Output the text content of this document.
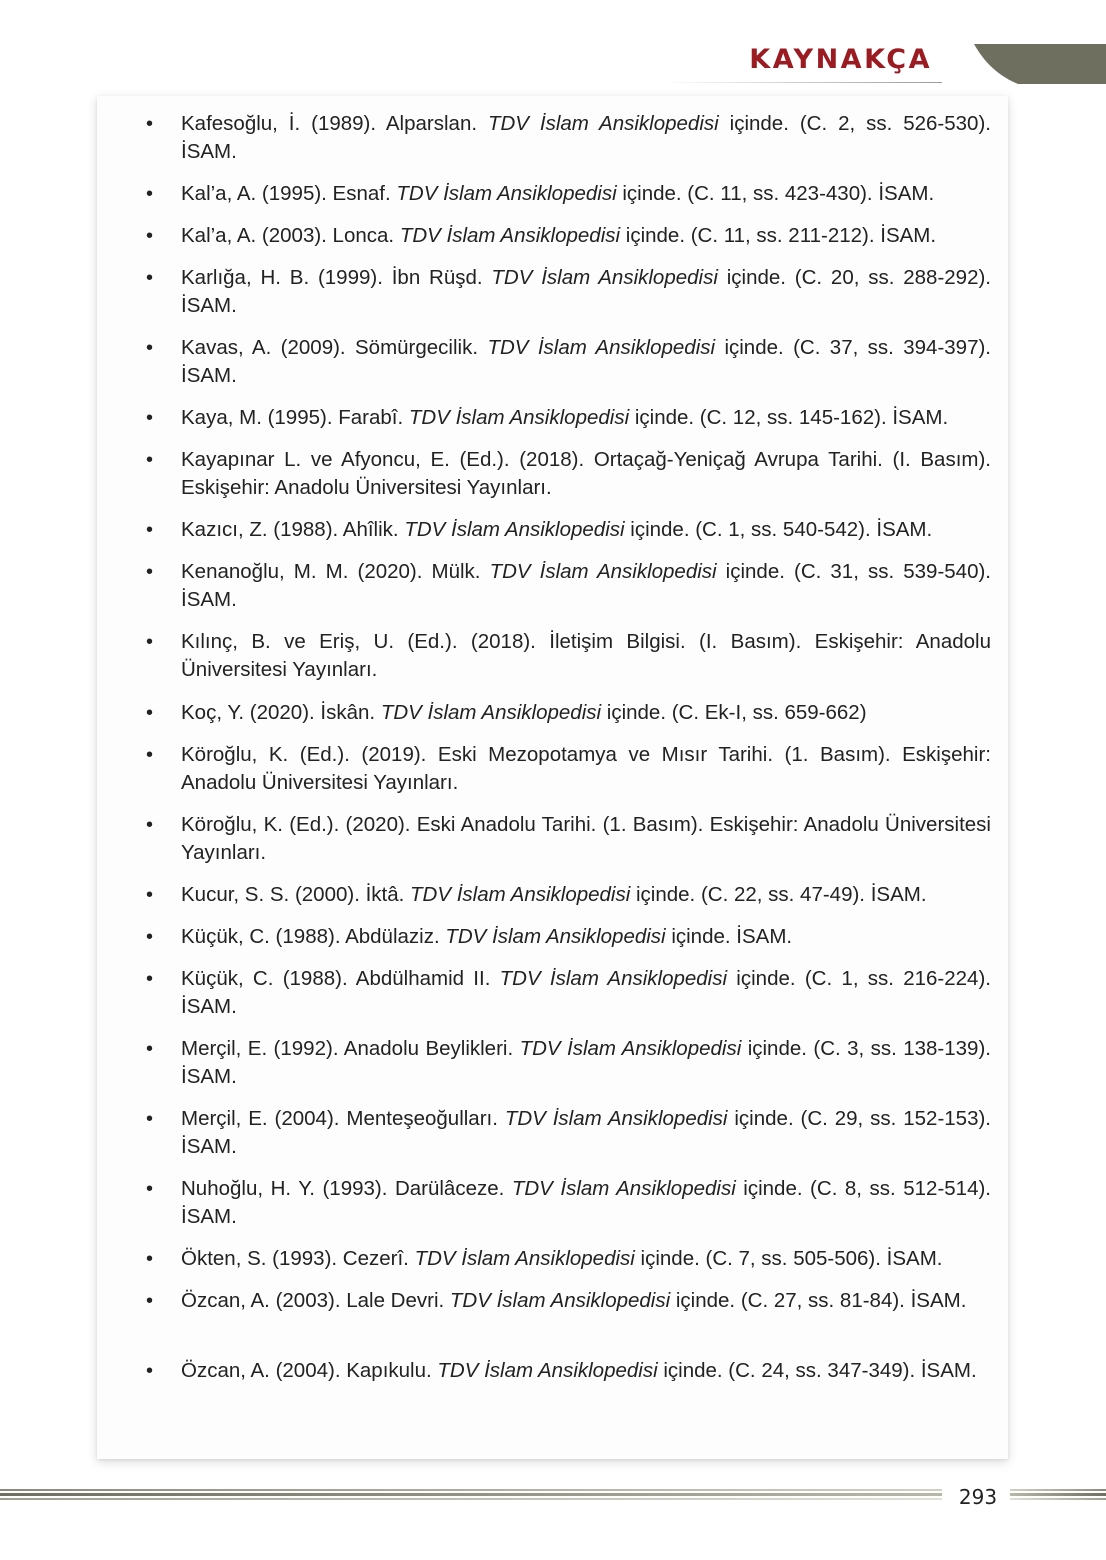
KAYNAKÇA
• Kafesoğlu, İ. (1989). Alparslan. TDV İslam Ansiklopedisi içinde. (C. 2, ss. 526-530). İSAM.
• Kal’a, A. (1995). Esnaf. TDV İslam Ansiklopedisi içinde. (C. 11, ss. 423-430). İSAM.
• Kal’a, A. (2003). Lonca. TDV İslam Ansiklopedisi içinde. (C. 11, ss. 211-212). İSAM.
• Karlığa, H. B. (1999). İbn Rüşd. TDV İslam Ansiklopedisi içinde. (C. 20, ss. 288-292). İSAM.
• Kavas, A. (2009). Sömürgecilik. TDV İslam Ansiklopedisi içinde. (C. 37, ss. 394-397). İSAM.
• Kaya, M. (1995). Farabî. TDV İslam Ansiklopedisi içinde. (C. 12, ss. 145-162). İSAM.
• Kayapınar L. ve Afyoncu, E. (Ed.). (2018). Ortaçağ-Yeniçağ Avrupa Tarihi. (I. Basım). Eskişehir: Anadolu Üniversitesi Yayınları.
• Kazıcı, Z. (1988). Ahîlik. TDV İslam Ansiklopedisi içinde. (C. 1, ss. 540-542). İSAM.
• Kenanoğlu, M. M. (2020). Mülk. TDV İslam Ansiklopedisi içinde. (C. 31, ss. 539-540). İSAM.
• Kılınç, B. ve Eriş, U. (Ed.). (2018). İletişim Bilgisi. (I. Basım). Eskişehir: Anadolu Üniversitesi Yayınları.
• Koç, Y. (2020). İskân. TDV İslam Ansiklopedisi içinde. (C. Ek-I, ss. 659-662)
• Köroğlu, K. (Ed.). (2019). Eski Mezopotamya ve Mısır Tarihi. (1. Basım). Eskişehir: Anadolu Üniversitesi Yayınları.
• Köroğlu, K. (Ed.). (2020). Eski Anadolu Tarihi. (1. Basım). Eskişehir: Anadolu Üniversitesi Yayınları.
• Kucur, S. S. (2000). İktâ. TDV İslam Ansiklopedisi içinde. (C. 22, ss. 47-49). İSAM.
• Küçük, C. (1988). Abdülaziz. TDV İslam Ansiklopedisi içinde. İSAM.
• Küçük, C. (1988). Abdülhamid II. TDV İslam Ansiklopedisi içinde. (C. 1, ss. 216-224). İSAM.
• Merçil, E. (1992). Anadolu Beylikleri. TDV İslam Ansiklopedisi içinde. (C. 3, ss. 138-139). İSAM.
• Merçil, E. (2004). Menteşeoğulları. TDV İslam Ansiklopedisi içinde. (C. 29, ss. 152-153). İSAM.
• Nuhoğlu, H. Y. (1993). Darülâceze. TDV İslam Ansiklopedisi içinde. (C. 8, ss. 512-514). İSAM.
• Ökten, S. (1993). Cezerî. TDV İslam Ansiklopedisi içinde. (C. 7, ss. 505-506). İSAM.
• Özcan, A. (2003). Lale Devri. TDV İslam Ansiklopedisi içinde. (C. 27, ss. 81-84). İSAM.
• Özcan, A. (2004). Kapıkulu. TDV İslam Ansiklopedisi içinde. (C. 24, ss. 347-349). İSAM.
293
